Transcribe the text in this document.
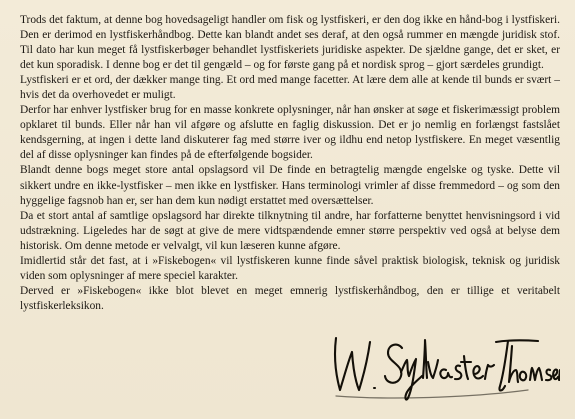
Trods det faktum, at denne bog hovedsageligt handler om fisk og lystfiskeri, er den dog ikke en hånd-bog i lystfiskeri. Den er derimod en lystfiskerhåndbog. Dette kan blandt andet ses deraf, at den også rummer en mængde juridisk stof. Til dato har kun meget få lystfiskerbøger behandlet lystfiskeriets juridiske aspekter. De sjældne gange, det er sket, er det kun sporadisk. I denne bog er det til gengæld – og for første gang på et nordisk sprog – gjort særdeles grundigt.

Lystfiskeri er et ord, der dækker mange ting. Et ord med mange facetter. At lære dem alle at kende til bunds er svært – hvis det da overhovedet er muligt.

Derfor har enhver lystfisker brug for en masse konkrete oplysninger, når han ønsker at søge et fiskerimæssigt problem opklaret til bunds. Eller når han vil afgøre og afslutte en faglig diskussion. Det er jo nemlig en forlængst fastslået kendsgerning, at ingen i dette land diskuterer fag med større iver og ildhu end netop lystfiskere. En meget væsentlig del af disse oplysninger kan findes på de efterfølgende bogsider.

Blandt denne bogs meget store antal opslagsord vil De finde en betragtelig mængde engelske og tyske. Dette vil sikkert undre en ikke-lystfisker – men ikke en lystfisker. Hans terminologi vrimler af disse fremmedord – og som den hyggelige fagsnob han er, ser han dem kun nødigt erstattet med oversættelser.

Da et stort antal af samtlige opslagsord har direkte tilknytning til andre, har forfatterne benyttet henvisningsord i vid udstrækning. Ligeledes har de søgt at give de mere vidtspændende emner større perspektiv ved også at belyse dem historisk. Om denne metode er velvalgt, vil kun læseren kunne afgøre.

Imidlertid står det fast, at i »Fiskebogen« vil lystfiskeren kunne finde såvel praktisk biologisk, teknisk og juridisk viden som oplysninger af mere speciel karakter.

Derved er »Fiskebogen« ikke blot blevet en meget emnerig lystfiskerhåndbog, den er tillige et veritabelt lystfiskerleksikon.
